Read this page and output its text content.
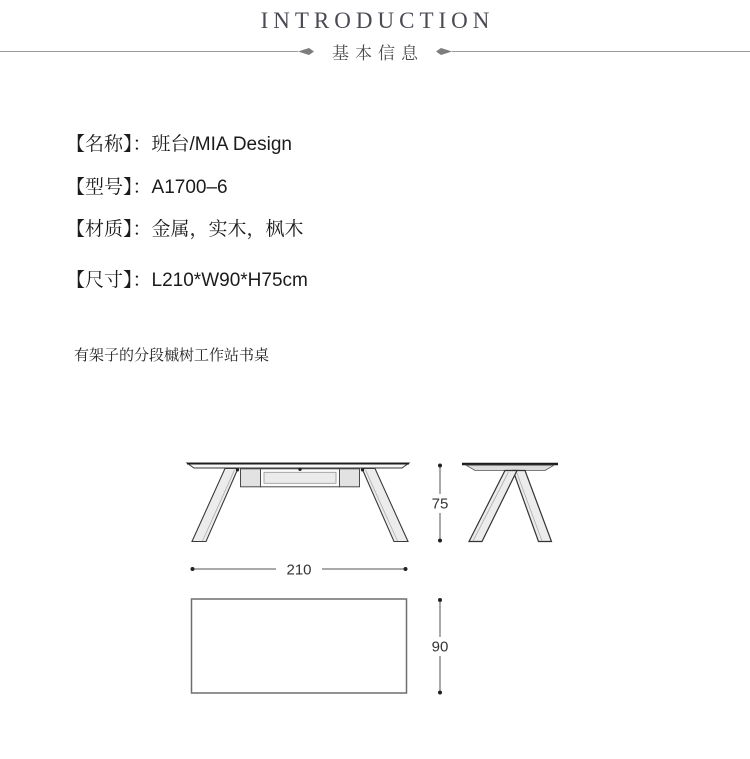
INTRODUCTION
基本信息
【名称】：班台/MIA Design
【型号】：A1700–6
【材质】：金属，实木，枫木
【尺寸】：L210*W90*H75cm
有架子的分段槭树工作站书桌
75
210
90
